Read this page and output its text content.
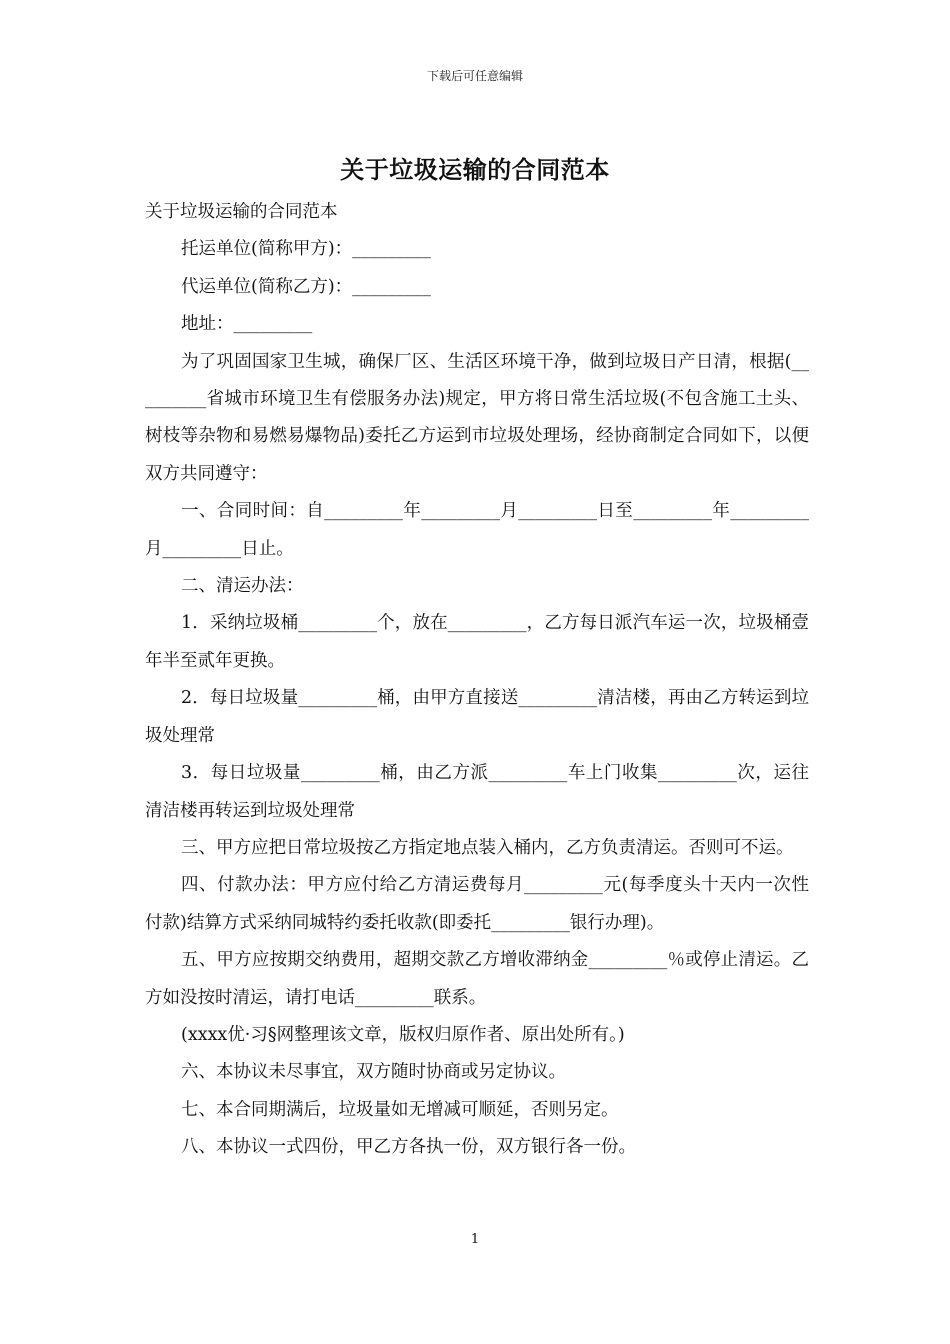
下载后可任意编辑
关于垃圾运输的合同范本

关于垃圾运输的合同范本

托运单位(简称甲方)：_________

代运单位(简称乙方)：_________

地址：_________

为了巩固国家卫生城，确保厂区、生活区环境干净，做到垃圾日产日清，根据(_________省城市环境卫生有偿服务办法)规定，甲方将日常生活垃圾(不包含施工土头、树枝等杂物和易燃易爆物品)委托乙方运到市垃圾处理场，经协商制定合同如下，以便双方共同遵守：

一、合同时间：自_________年_________月_________日至_________年_________月_________日止。

二、清运办法：

1．采纳垃圾桶_________个，放在_________，乙方每日派汽车运一次，垃圾桶壹年半至贰年更换。

2．每日垃圾量_________桶，由甲方直接送_________清洁楼，再由乙方转运到垃圾处理常

3．每日垃圾量_________桶，由乙方派_________车上门收集_________次，运往清洁楼再转运到垃圾处理常

三、甲方应把日常垃圾按乙方指定地点装入桶内，乙方负责清运。否则可不运。

四、付款办法：甲方应付给乙方清运费每月_________元(每季度头十天内一次性付款)结算方式采纳同城特约委托收款(即委托_________银行办理)。

五、甲方应按期交纳费用，超期交款乙方增收滞纳金_________％或停止清运。乙方如没按时清运，请打电话_________联系。

(xxxx优·习§网整理该文章，版权归原作者、原出处所有。)

六、本协议未尽事宜，双方随时协商或另定协议。

七、本合同期满后，垃圾量如无增减可顺延，否则另定。

八、本协议一式四份，甲乙方各执一份，双方银行各一份。

1
